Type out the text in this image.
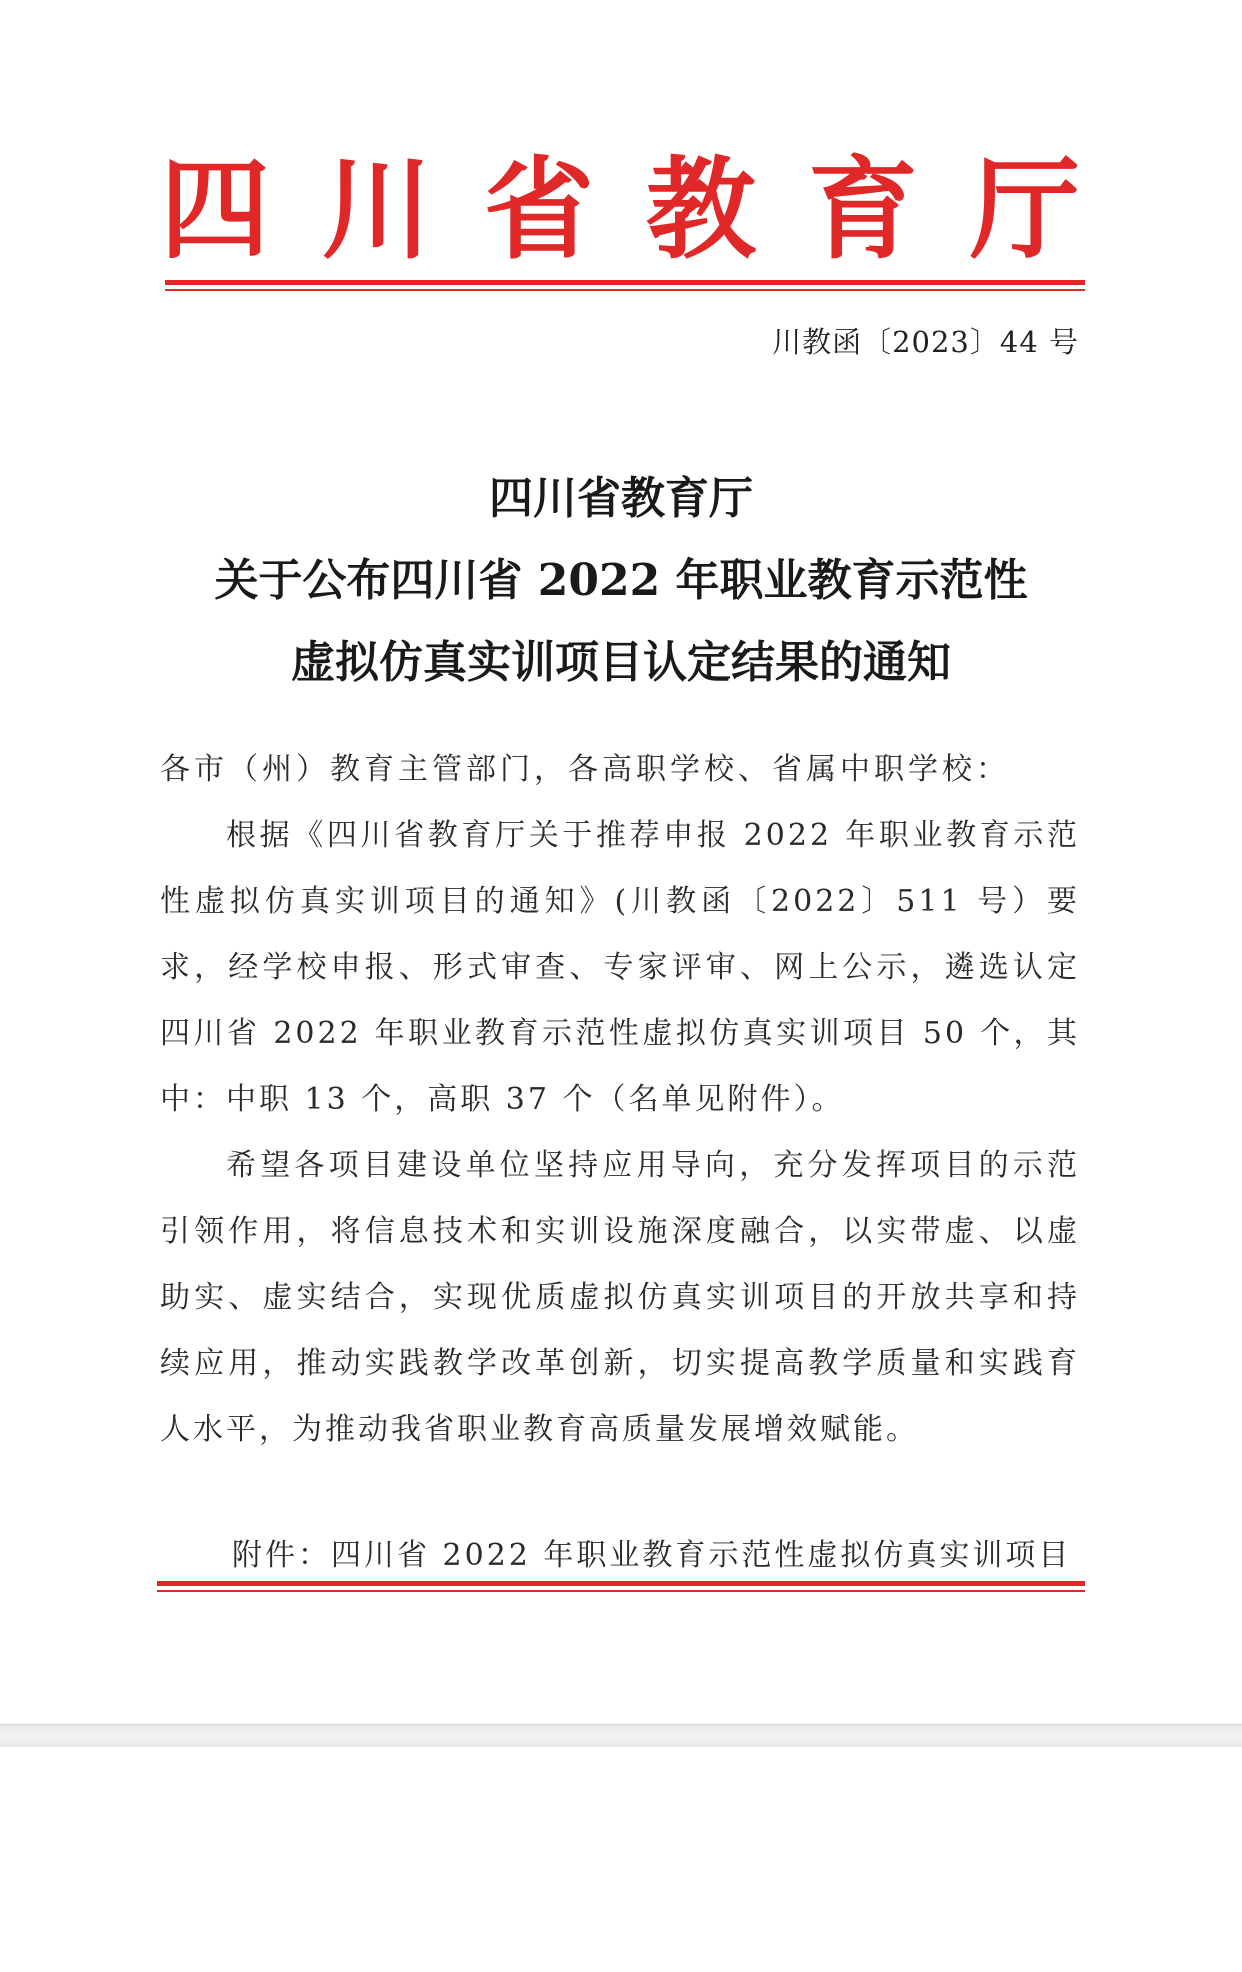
四 川 省 教 育 厅
川教函〔2023〕44 号
四川省教育厅
关于公布四川省 2022 年职业教育示范性
虚拟仿真实训项目认定结果的通知
各市（州）教育主管部门，各高职学校、省属中职学校：
根据《四川省教育厅关于推荐申报 2022 年职业教育示范性虚拟仿真实训项目的通知》(川教函〔2022〕511 号）要求，经学校申报、形式审查、专家评审、网上公示，遴选认定四川省 2022 年职业教育示范性虚拟仿真实训项目 50 个，其中：中职 13 个，高职 37 个（名单见附件）。
希望各项目建设单位坚持应用导向，充分发挥项目的示范引领作用，将信息技术和实训设施深度融合，以实带虚、以虚助实、虚实结合，实现优质虚拟仿真实训项目的开放共享和持续应用，推动实践教学改革创新，切实提高教学质量和实践育人水平，为推动我省职业教育高质量发展增效赋能。
附件：四川省 2022 年职业教育示范性虚拟仿真实训项目
